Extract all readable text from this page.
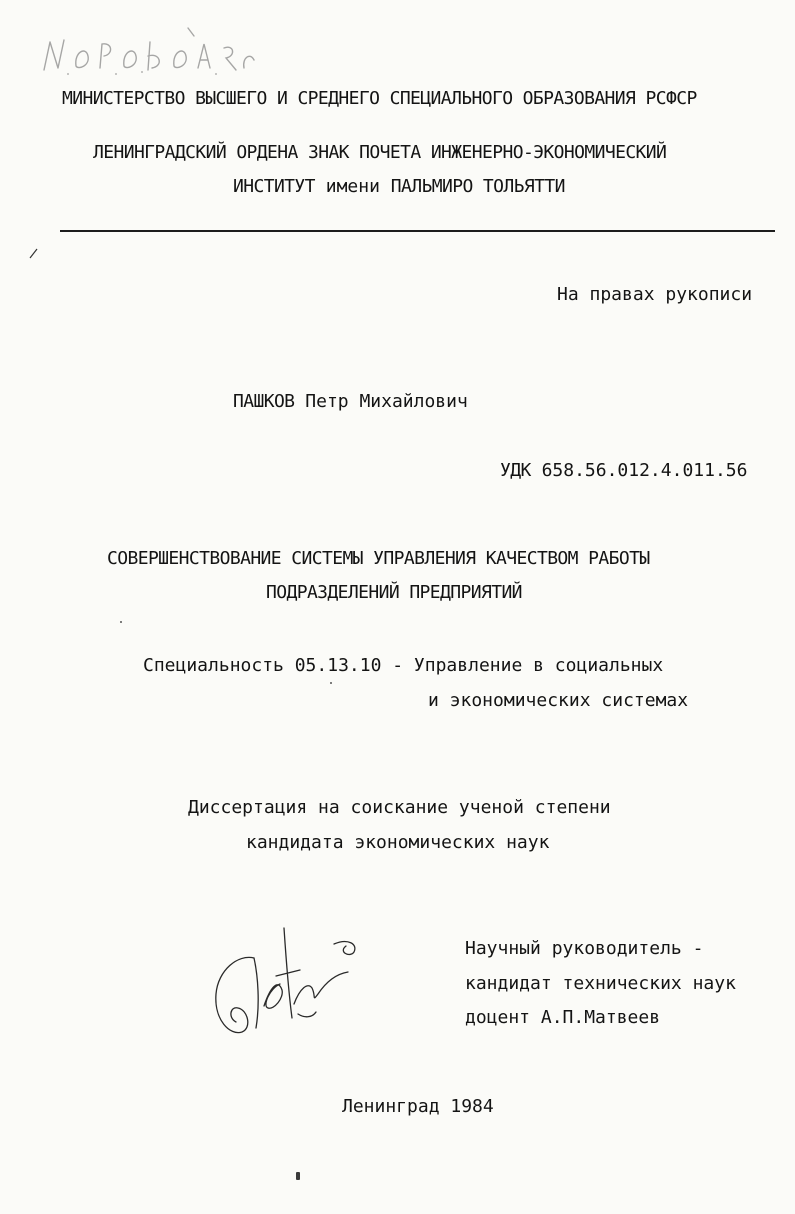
Н Р Б О б Л Я
МИНИСТЕРСТВО ВЫСШЕГО И СРЕДНЕГО СПЕЦИАЛЬНОГО ОБРАЗОВАНИЯ РСФСР
ЛЕНИНГРАДСКИЙ ОРДЕНА ЗНАК ПОЧЕТА ИНЖЕНЕРНО-ЭКОНОМИЧЕСКИЙ
ИНСТИТУТ имени ПАЛЬМИРО ТОЛЬЯТТИ
На правах рукописи
ПАШКОВ Петр Михайлович
УДК 658.56.012.4.011.56
СОВЕРШЕНСТВОВАНИЕ СИСТЕМЫ УПРАВЛЕНИЯ КАЧЕСТВОМ РАБОТЫ
ПОДРАЗДЕЛЕНИЙ ПРЕДПРИЯТИЙ
Специальность 05.13.10 - Управление в социальных
и экономических системах
Диссертация на соискание ученой степени
кандидата экономических наук
Научный руководитель -
кандидат технических наук
доцент А.П.Матвеев
Ленинград 1984
